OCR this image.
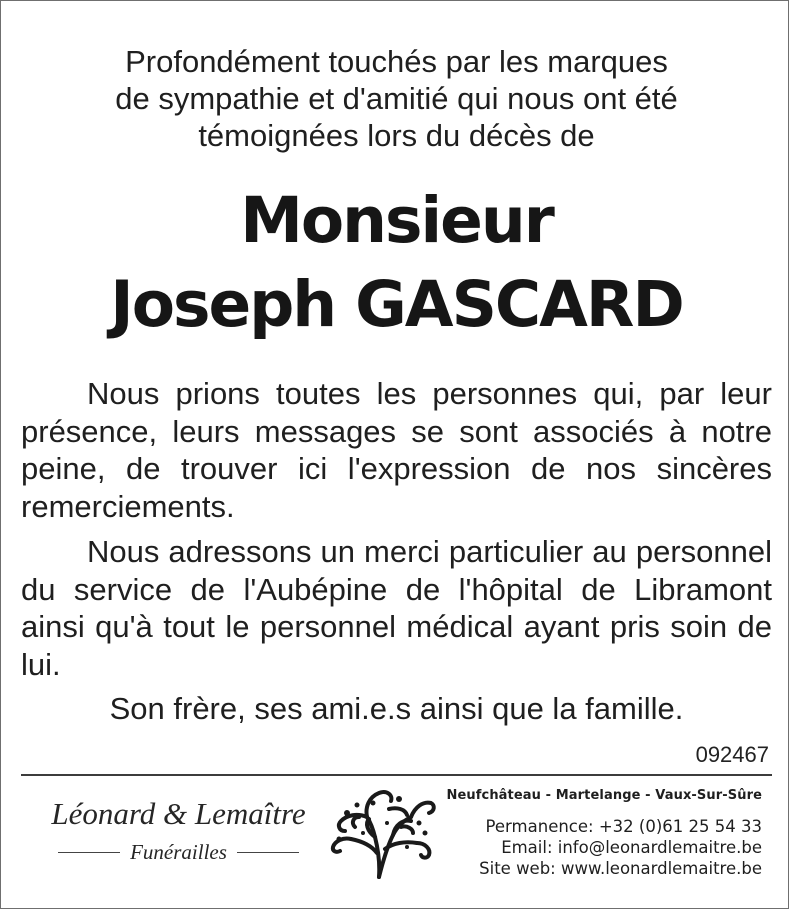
Profondément touchés par les marques
de sympathie et d'amitié qui nous ont été
témoignées lors du décès de
Monsieur
Joseph GASCARD
Nous prions toutes les personnes qui, par leur présence, leurs messages se sont associés à notre peine, de trouver ici l'expression de nos sincères remerciements.
Nous adressons un merci particulier au personnel du service de l'Aubépine de l'hôpital de Libramont ainsi qu'à tout le personnel médical ayant pris soin de lui.
Son frère, ses ami.e.s ainsi que la famille.
092467
Léonard & Lemaître
Funérailles
Neufchâteau - Martelange - Vaux-Sur-Sûre
Permanence: +32 (0)61 25 54 33
Email: info@leonardlemaitre.be
Site web: www.leonardlemaitre.be
